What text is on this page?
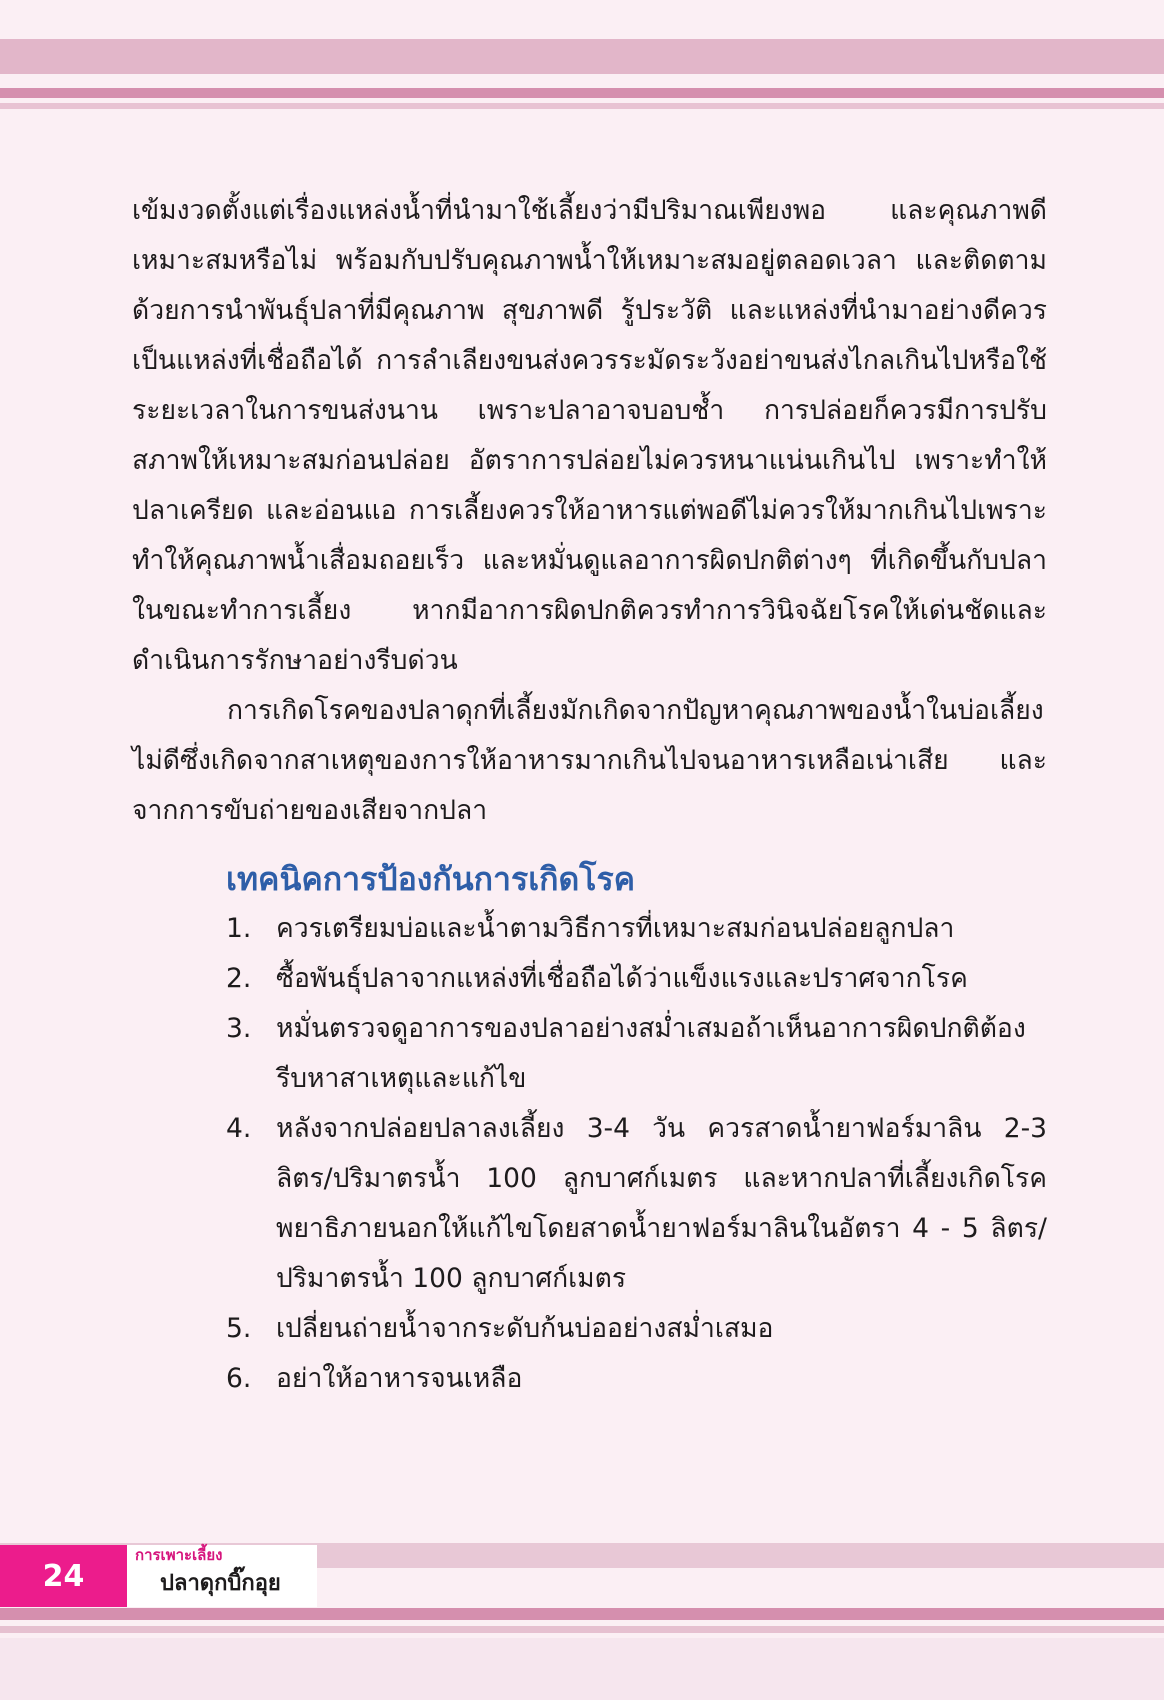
เข้มงวดตั้งแต่เรื่องแหล่งน้ำที่นำมาใช้เลี้ยงว่ามีปริมาณเพียงพอ และคุณภาพดีเหมาะสมหรือไม่ พร้อมกับปรับคุณภาพน้ำให้เหมาะสมอยู่ตลอดเวลา และติดตามด้วยการนำพันธุ์ปลาที่มีคุณภาพ สุขภาพดี รู้ประวัติ และแหล่งที่นำมาอย่างดีควรเป็นแหล่งที่เชื่อถือได้ การลำเลียงขนส่งควรระมัดระวังอย่าขนส่งไกลเกินไปหรือใช้ระยะเวลาในการขนส่งนาน เพราะปลาอาจบอบช้ำ การปล่อยก็ควรมีการปรับสภาพให้เหมาะสมก่อนปล่อย อัตราการปล่อยไม่ควรหนาแน่นเกินไป เพราะทำให้ปลาเครียด และอ่อนแอ การเลี้ยงควรให้อาหารแต่พอดีไม่ควรให้มากเกินไปเพราะทำให้คุณภาพน้ำเสื่อมถอยเร็ว และหมั่นดูแลอาการผิดปกติต่างๆ ที่เกิดขึ้นกับปลาในขณะทำการเลี้ยง หากมีอาการผิดปกติควรทำการวินิจฉัยโรคให้เด่นชัดและดำเนินการรักษาอย่างรีบด่วน

การเกิดโรคของปลาดุกที่เลี้ยงมักเกิดจากปัญหาคุณภาพของน้ำในบ่อเลี้ยงไม่ดีซึ่งเกิดจากสาเหตุของการให้อาหารมากเกินไปจนอาหารเหลือเน่าเสีย และจากการขับถ่ายของเสียจากปลา

เทคนิคการป้องกันการเกิดโรค
1. ควรเตรียมบ่อและน้ำตามวิธีการที่เหมาะสมก่อนปล่อยลูกปลา
2. ซื้อพันธุ์ปลาจากแหล่งที่เชื่อถือได้ว่าแข็งแรงและปราศจากโรค
3. หมั่นตรวจดูอาการของปลาอย่างสม่ำเสมอถ้าเห็นอาการผิดปกติต้องรีบหาสาเหตุและแก้ไข
4. หลังจากปล่อยปลาลงเลี้ยง 3-4 วัน ควรสาดน้ำยาฟอร์มาลิน 2-3 ลิตร/ปริมาตรน้ำ 100 ลูกบาศก์เมตร และหากปลาที่เลี้ยงเกิดโรคพยาธิภายนอกให้แก้ไขโดยสาดน้ำยาฟอร์มาลินในอัตรา 4 - 5 ลิตร/ปริมาตรน้ำ 100 ลูกบาศก์เมตร
5. เปลี่ยนถ่ายน้ำจากระดับก้นบ่ออย่างสม่ำเสมอ
6. อย่าให้อาหารจนเหลือ
24
การเพาะเลี้ยง
ปลาดุกบิ๊กอุย
